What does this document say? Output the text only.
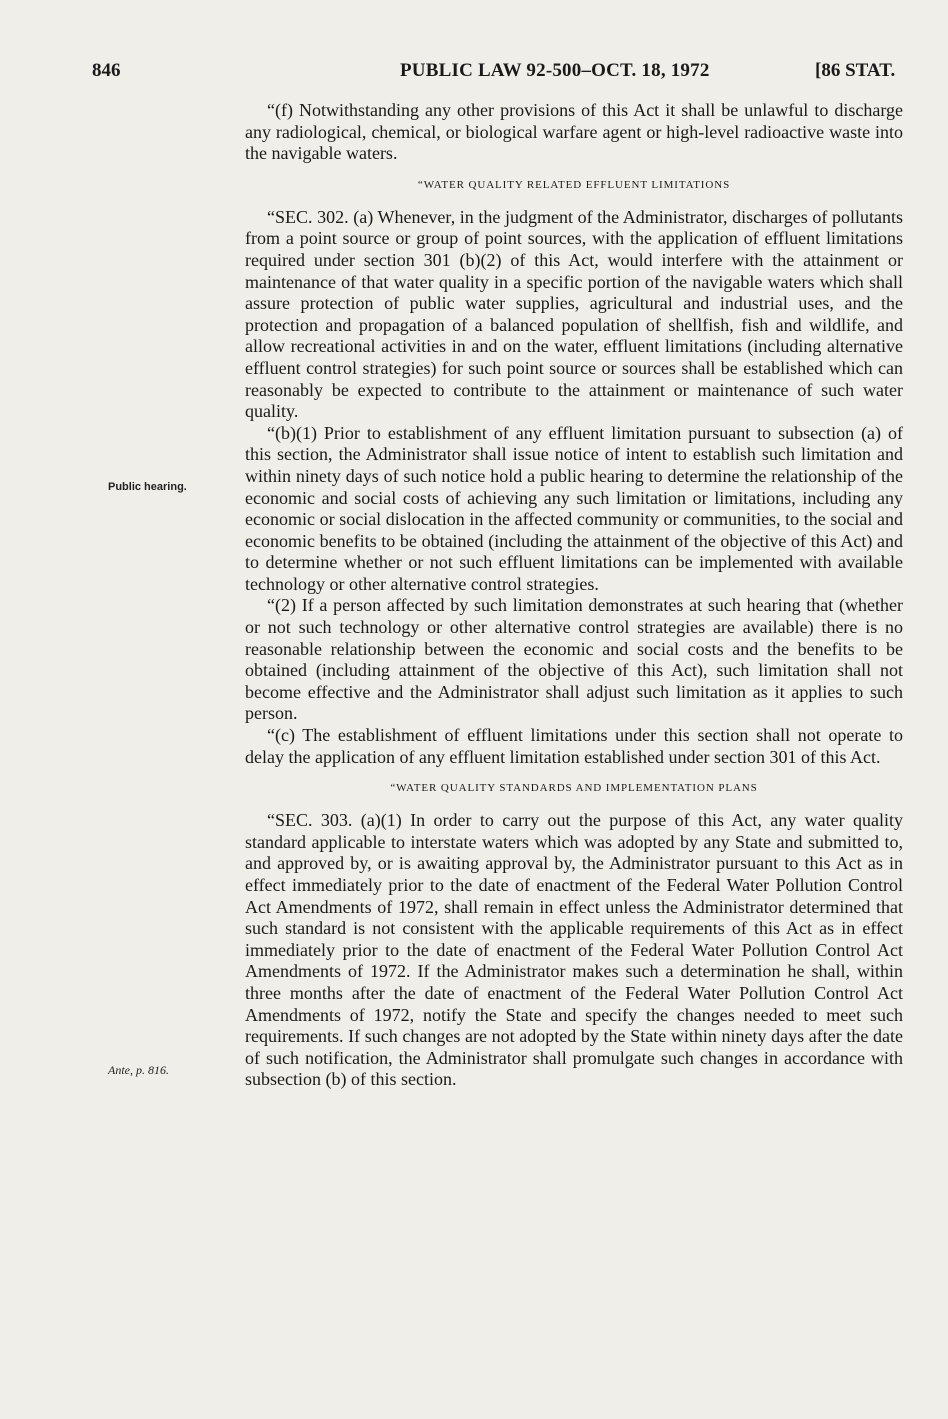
846	PUBLIC LAW 92-500–OCT. 18, 1972	[86 STAT.
Public hearing.
Ante, p. 816.

“(f) Notwithstanding any other provisions of this Act it shall be unlawful to discharge any radiological, chemical, or biological warfare agent or high-level radioactive waste into the navigable waters.

“WATER QUALITY RELATED EFFLUENT LIMITATIONS

“SEC. 302. (a) Whenever, in the judgment of the Administrator, discharges of pollutants from a point source or group of point sources, with the application of effluent limitations required under section 301 (b)(2) of this Act, would interfere with the attainment or maintenance of that water quality in a specific portion of the navigable waters which shall assure protection of public water supplies, agricultural and industrial uses, and the protection and propagation of a balanced population of shellfish, fish and wildlife, and allow recreational activities in and on the water, effluent limitations (including alternative effluent control strategies) for such point source or sources shall be established which can reasonably be expected to contribute to the attainment or maintenance of such water quality.

“(b)(1) Prior to establishment of any effluent limitation pursuant to subsection (a) of this section, the Administrator shall issue notice of intent to establish such limitation and within ninety days of such notice hold a public hearing to determine the relationship of the economic and social costs of achieving any such limitation or limitations, including any economic or social dislocation in the affected community or communities, to the social and economic benefits to be obtained (including the attainment of the objective of this Act) and to determine whether or not such effluent limitations can be implemented with available technology or other alternative control strategies.

“(2) If a person affected by such limitation demonstrates at such hearing that (whether or not such technology or other alternative control strategies are available) there is no reasonable relationship between the economic and social costs and the benefits to be obtained (including attainment of the objective of this Act), such limitation shall not become effective and the Administrator shall adjust such limitation as it applies to such person.

“(c) The establishment of effluent limitations under this section shall not operate to delay the application of any effluent limitation established under section 301 of this Act.

“WATER QUALITY STANDARDS AND IMPLEMENTATION PLANS

“SEC. 303. (a)(1) In order to carry out the purpose of this Act, any water quality standard applicable to interstate waters which was adopted by any State and submitted to, and approved by, or is awaiting approval by, the Administrator pursuant to this Act as in effect immediately prior to the date of enactment of the Federal Water Pollution Control Act Amendments of 1972, shall remain in effect unless the Administrator determined that such standard is not consistent with the applicable requirements of this Act as in effect immediately prior to the date of enactment of the Federal Water Pollution Control Act Amendments of 1972. If the Administrator makes such a determination he shall, within three months after the date of enactment of the Federal Water Pollution Control Act Amendments of 1972, notify the State and specify the changes needed to meet such requirements. If such changes are not adopted by the State within ninety days after the date of such notification, the Administrator shall promulgate such changes in accordance with subsection (b) of this section.
